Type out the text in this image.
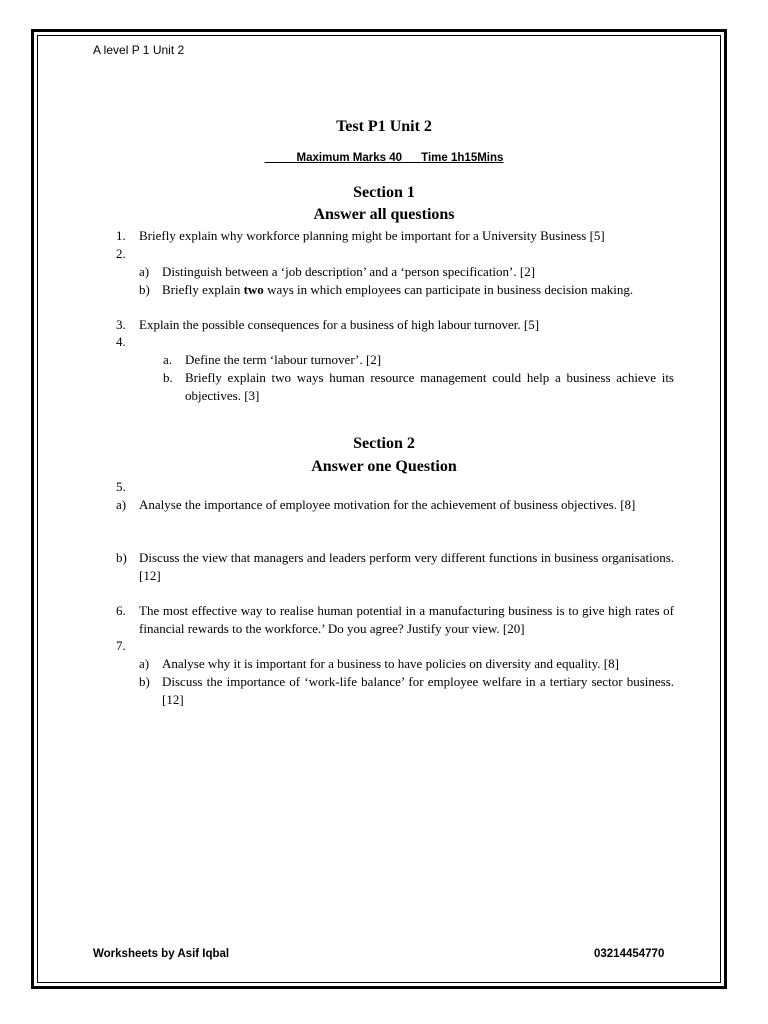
A level P 1 Unit 2
Test P1 Unit 2
Maximum Marks 40 Time 1h15Mins
Section 1
Answer all questions
1. Briefly explain why workforce planning might be important for a University Business [5]
2.
a) Distinguish between a ‘job description’ and a ‘person specification’. [2]
b) Briefly explain two ways in which employees can participate in business decision making.
3. Explain the possible consequences for a business of high labour turnover. [5]
4.
a. Define the term ‘labour turnover’. [2]
b. Briefly explain two ways human resource management could help a business achieve its objectives. [3]
Section 2
Answer one Question
5.
a) Analyse the importance of employee motivation for the achievement of business objectives. [8]
b) Discuss the view that managers and leaders perform very different functions in business organisations. [12]
6. The most effective way to realise human potential in a manufacturing business is to give high rates of financial rewards to the workforce.’ Do you agree? Justify your view. [20]
7.
a) Analyse why it is important for a business to have policies on diversity and equality. [8]
b) Discuss the importance of ‘work-life balance’ for employee welfare in a tertiary sector business. [12]
Worksheets by Asif Iqbal	03214454770
